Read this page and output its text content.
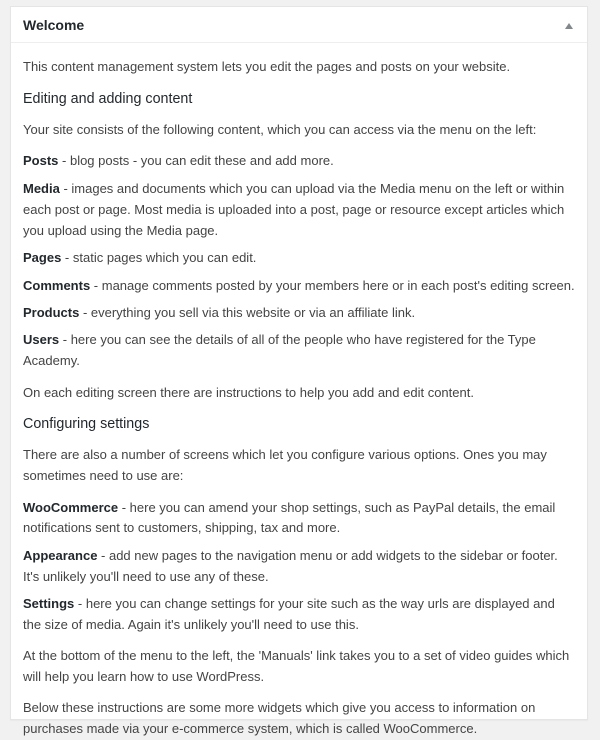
Welcome

This content management system lets you edit the pages and posts on your website.

Editing and adding content

Your site consists of the following content, which you can access via the menu on the left:

Posts - blog posts - you can edit these and add more.

Media - images and documents which you can upload via the Media menu on the left or within each post or page. Most media is uploaded into a post, page or resource except articles which you upload using the Media page.

Pages - static pages which you can edit.

Comments - manage comments posted by your members here or in each post's editing screen.

Products - everything you sell via this website or via an affiliate link.

Users - here you can see the details of all of the people who have registered for the Type Academy.

On each editing screen there are instructions to help you add and edit content.

Configuring settings

There are also a number of screens which let you configure various options. Ones you may sometimes need to use are:

WooCommerce - here you can amend your shop settings, such as PayPal details, the email notifications sent to customers, shipping, tax and more.

Appearance - add new pages to the navigation menu or add widgets to the sidebar or footer. It's unlikely you'll need to use any of these.

Settings - here you can change settings for your site such as the way urls are displayed and the size of media. Again it's unlikely you'll need to use this.

At the bottom of the menu to the left, the 'Manuals' link takes you to a set of video guides which will help you learn how to use WordPress.

Below these instructions are some more widgets which give you access to information on purchases made via your e-commerce system, which is called WooCommerce.
